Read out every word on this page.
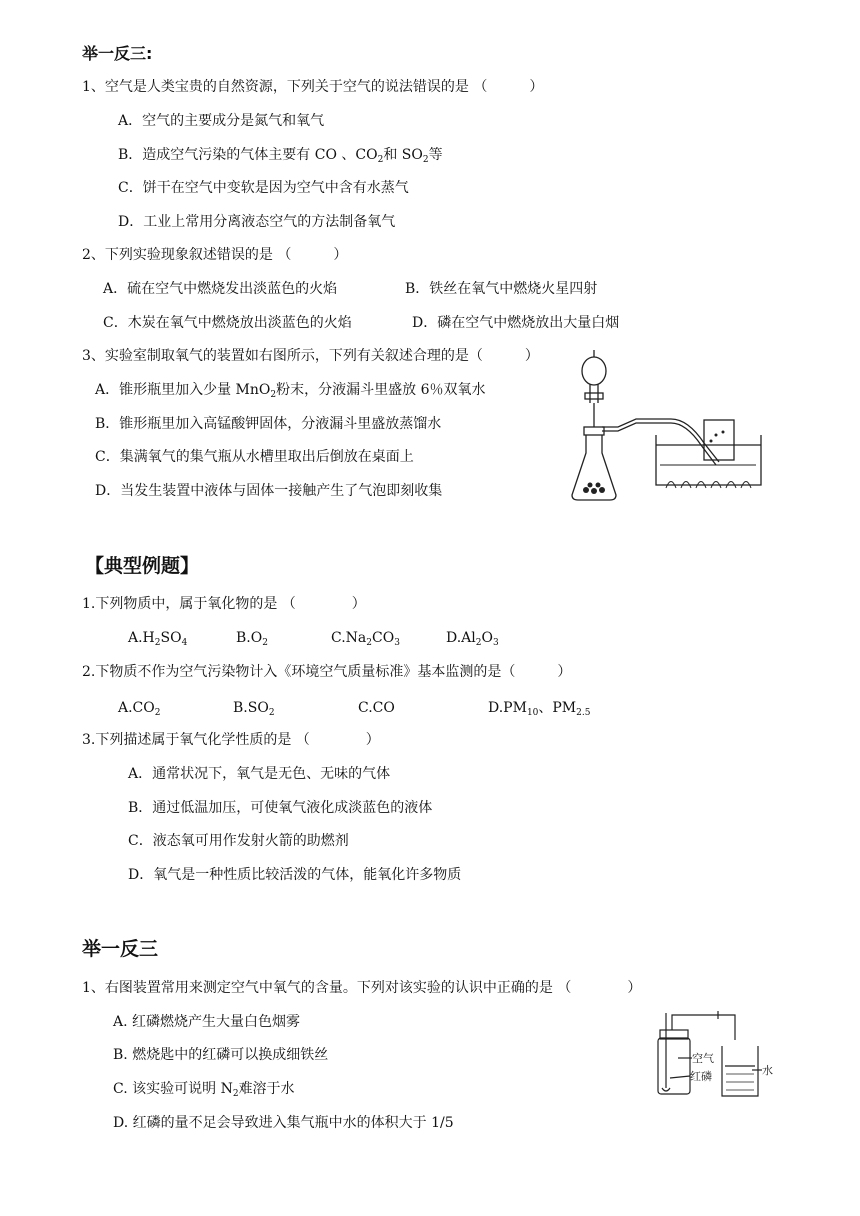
举一反三:
1、空气是人类宝贵的自然资源，下列关于空气的说法错误的是 （　　　）
A．空气的主要成分是氮气和氧气
B．造成空气污染的气体主要有 CO 、$CO_2$和 $SO_2$等
C．饼干在空气中变软是因为空气中含有水蒸气
D．工业上常用分离液态空气的方法制备氧气
2、下列实验现象叙述错误的是 （　　　）
A．硫在空气中燃烧发出淡蓝色的火焰	B．铁丝在氧气中燃烧火星四射
C．木炭在氧气中燃烧放出淡蓝色的火焰	D．磷在空气中燃烧放出大量白烟
3、实验室制取氧气的装置如右图所示，下列有关叙述合理的是（　　　）
A．锥形瓶里加入少量 MnO$_2$粉末，分液漏斗里盛放 6％双氧水
B．锥形瓶里加入高锰酸钾固体，分液漏斗里盛放蒸馏水
C．集满氧气的集气瓶从水槽里取出后倒放在桌面上
D．当发生装置中液体与固体一接触产生了气泡即刻收集
【典型例题】
1.下列物质中，属于氧化物的是 （　　　　）
$A.H_2SO_4$	$B.O_2$	$C.Na_2CO_3$	$D.Al_2O_3$
2.下物质不作为空气污染物计入《环境空气质量标准》基本监测的是（　　　）
$A.CO_2$	$B.SO_2$	C.CO	$D.PM_{10}$、$PM_{2.5}$
3.下列描述属于氧气化学性质的是 （　　　　）
A．通常状况下，氧气是无色、无味的气体
B．通过低温加压，可使氧气液化成淡蓝色的液体
C．液态氧可用作发射火箭的助燃剂
D．氧气是一种性质比较活泼的气体，能氧化许多物质
举一反三
1、右图装置常用来测定空气中氧气的含量。下列对该实验的认识中正确的是 （　　　　）
A. 红磷燃烧产生大量白色烟雾
B. 燃烧匙中的红磷可以换成细铁丝
C. 该实验可说明 $N_2$难溶于水
D. 红磷的量不足会导致进入集气瓶中水的体积大于 1/5
空气
红磷	水
